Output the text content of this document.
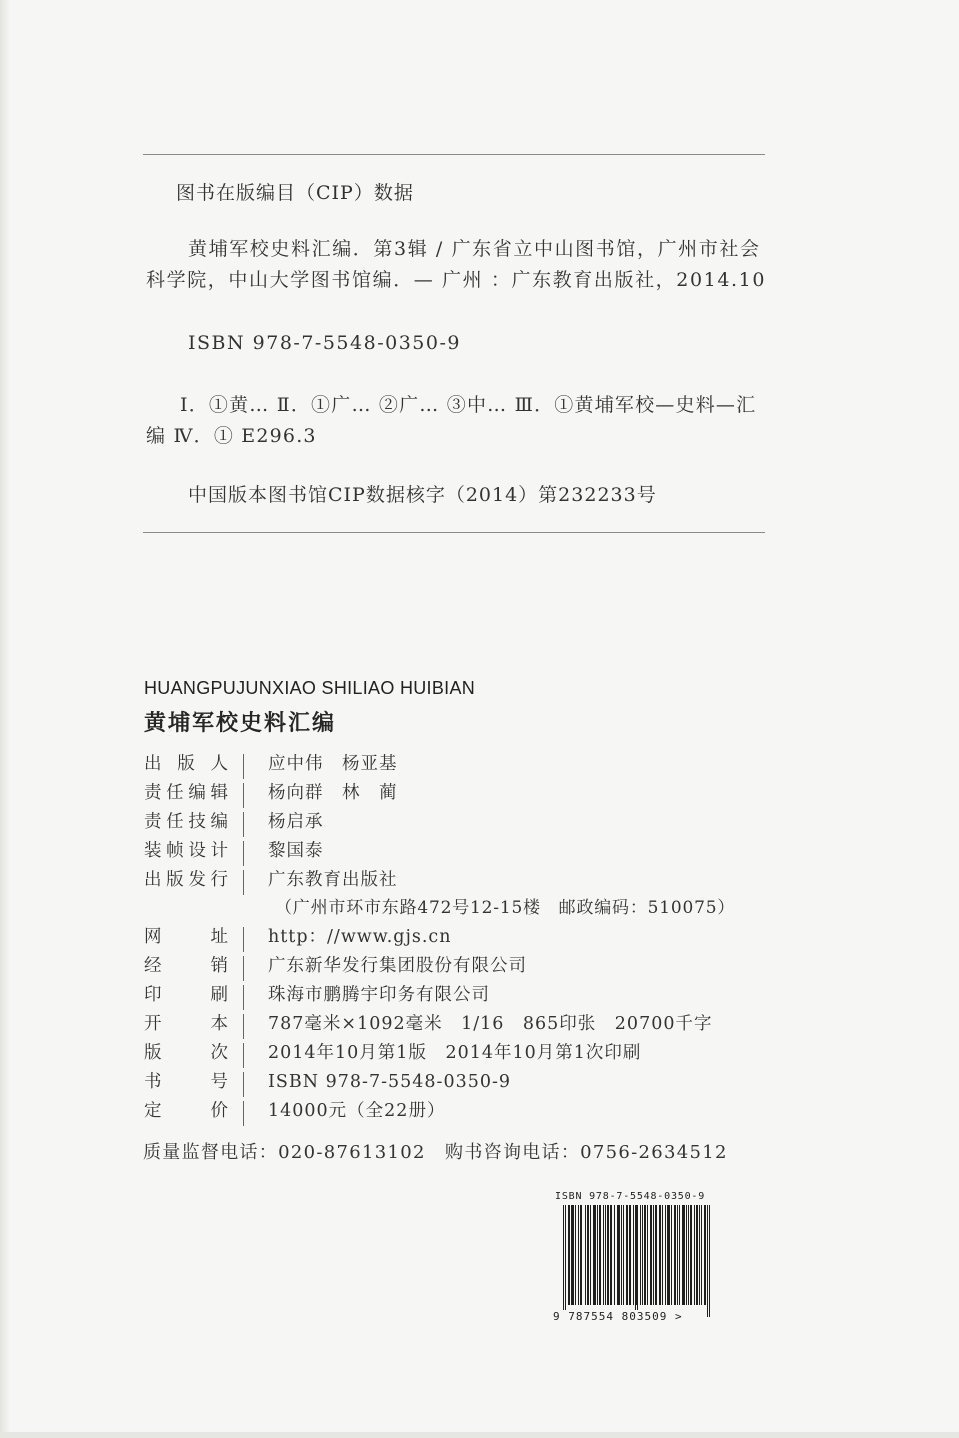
图书在版编目（CIP）数据
黄埔军校史料汇编．第3辑 / 广东省立中山图书馆，广州市社会科学院，中山大学图书馆编．— 广州 ：广东教育出版社，2014.10
ISBN 978-7-5548-0350-9
Ⅰ．①黄… Ⅱ．①广… ②广… ③中… Ⅲ．①黄埔军校—史料—汇编 Ⅳ．① E296.3
中国版本图书馆CIP数据核字（2014）第232233号
HUANGPUJUNXIAO SHILIAO HUIBIAN
黄埔军校史料汇编
出版人 应中伟　杨亚基
责任编辑 杨向群　林　蔺
责任技编 杨启承
装帧设计 黎国泰
出版发行 广东教育出版社
（广州市环市东路472号12-15楼　邮政编码：510075）
网址 http：//www.gjs.cn
经销 广东新华发行集团股份有限公司
印刷 珠海市鹏腾宇印务有限公司
开本 787毫米×1092毫米　1/16　865印张　20700千字
版次 2014年10月第1版　2014年10月第1次印刷
书号 ISBN 978-7-5548-0350-9
定价 14000元（全22册）
质量监督电话：020-87613102　购书咨询电话：0756-2634512
ISBN 978-7-5548-0350-9
9 787554 803509 >
